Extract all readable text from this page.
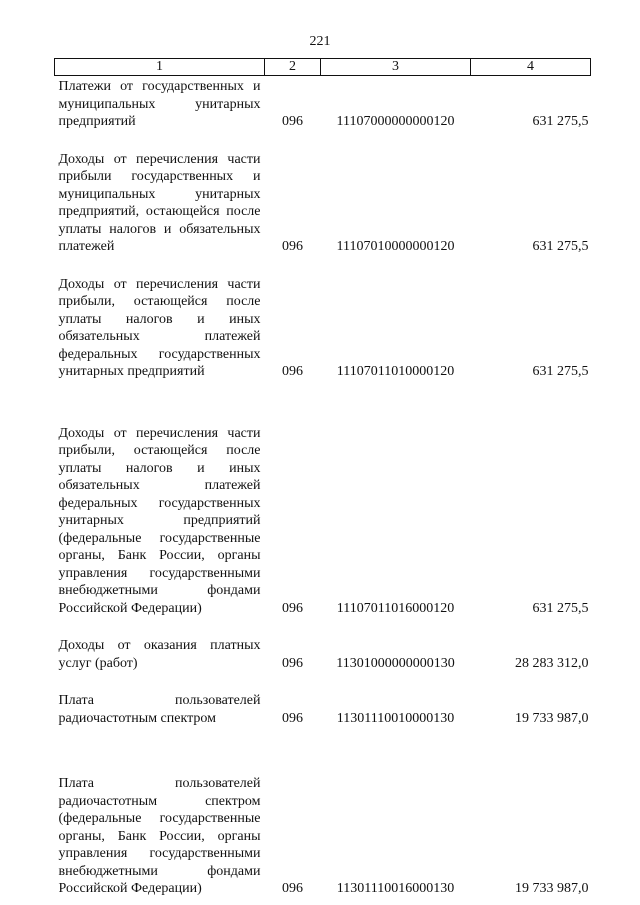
221
1	2	3	4
Платежи от государственных и муниципальных унитарных предприятий	096	11107000000000120	631 275,5

Доходы от перечисления части прибыли государственных и муниципальных унитарных предприятий, остающейся после уплаты налогов и обязательных платежей	096	11107010000000120	631 275,5

Доходы от перечисления части прибыли, остающейся после уплаты налогов и иных обязательных платежей федеральных государственных унитарных предприятий	096	11107011010000120	631 275,5

Доходы от перечисления части прибыли, остающейся после уплаты налогов и иных обязательных платежей федеральных государственных унитарных предприятий (федеральные государственные органы, Банк России, органы управления государственными внебюджетными фондами Российской Федерации)	096	11107011016000120	631 275,5

Доходы от оказания платных услуг (работ)	096	11301000000000130	28 283 312,0

Плата пользователей радиочастотным спектром	096	11301110010000130	19 733 987,0

Плата пользователей радиочастотным спектром (федеральные государственные органы, Банк России, органы управления государственными внебюджетными фондами Российской Федерации)	096	11301110016000130	19 733 987,0
